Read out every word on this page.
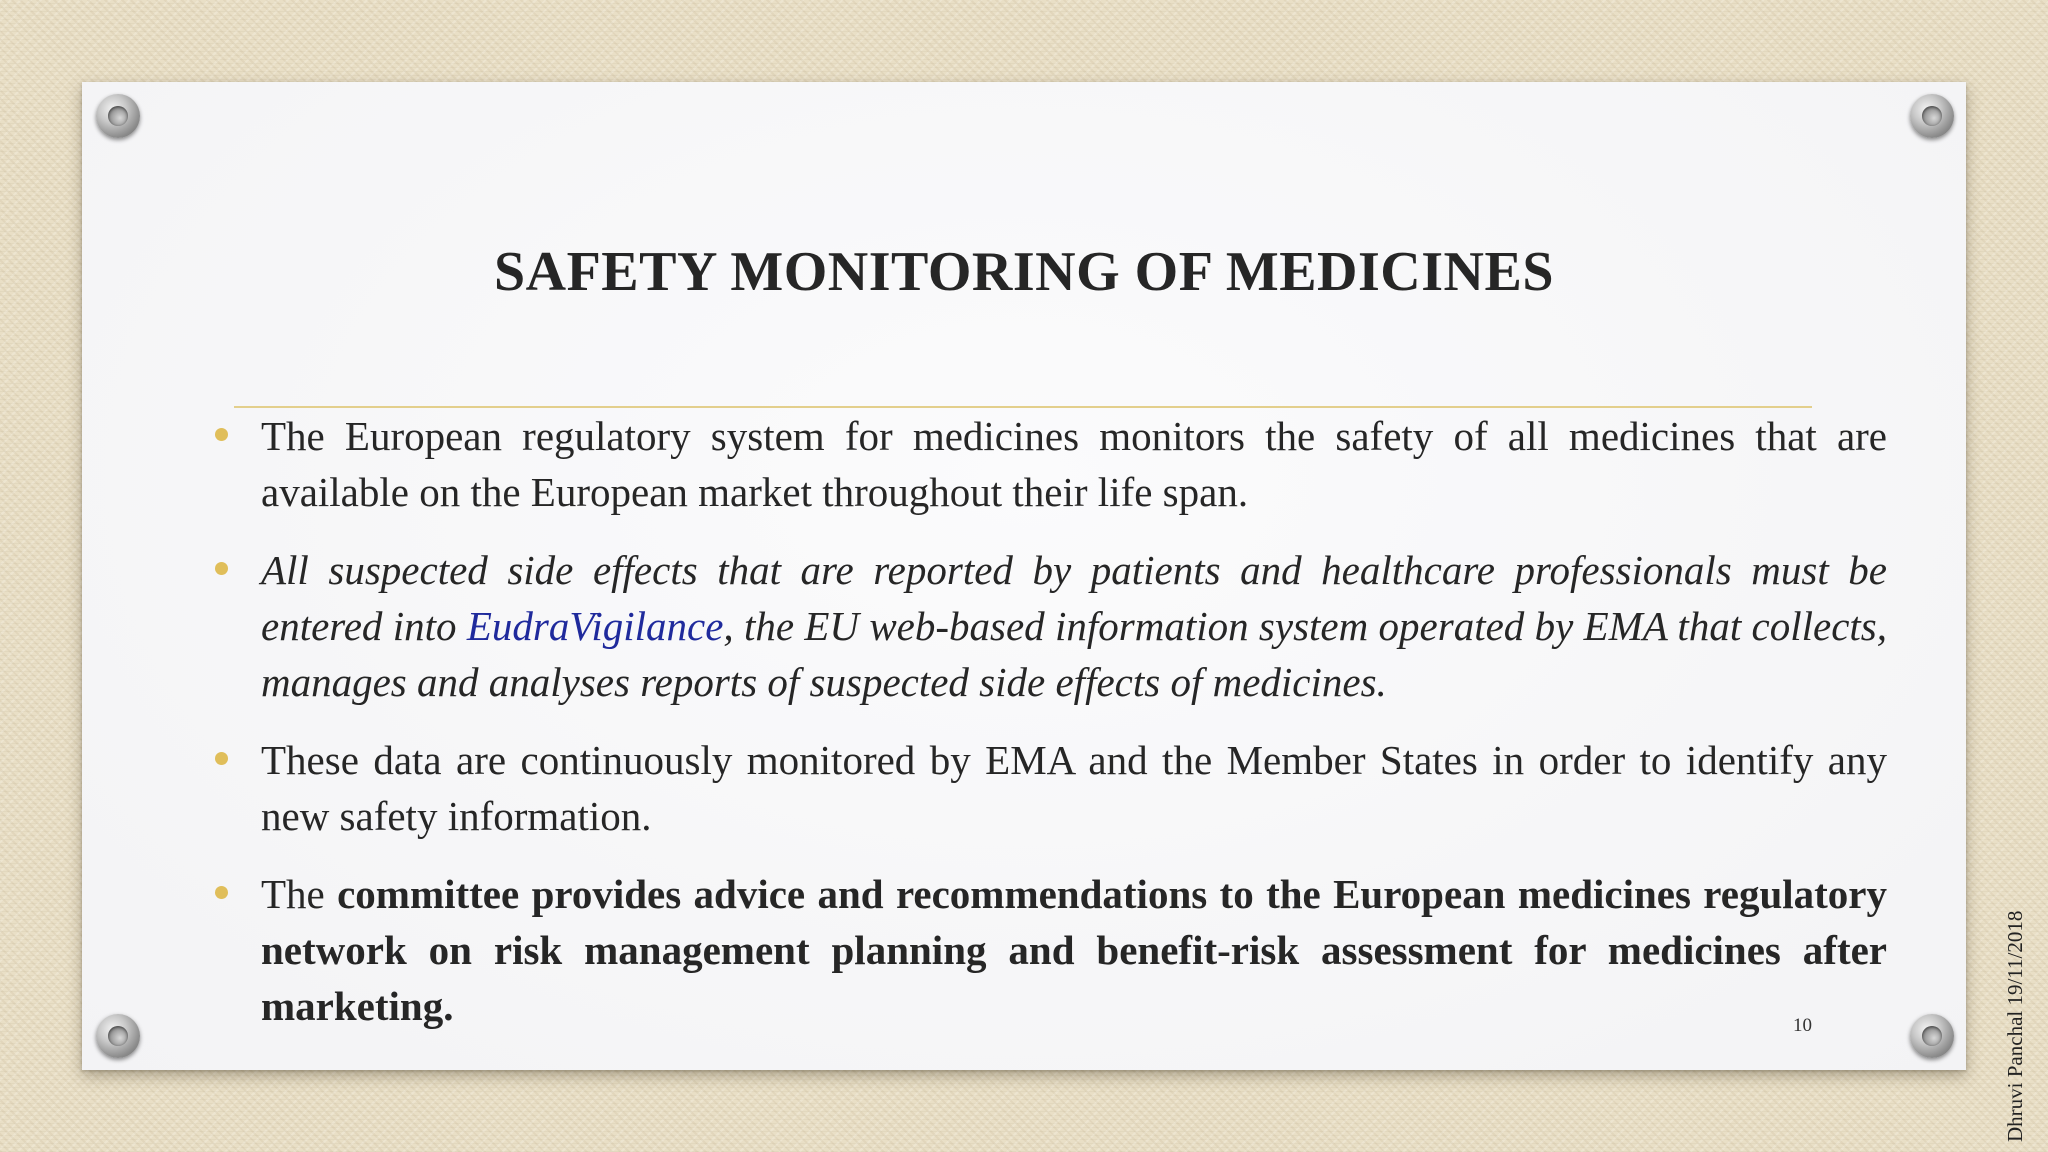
SAFETY MONITORING OF MEDICINES
The European regulatory system for medicines monitors the safety of all medicines that are available on the European market throughout their life span.
All suspected side effects that are reported by patients and healthcare professionals must be entered into EudraVigilance, the EU web-based information system operated by EMA that collects, manages and analyses reports of suspected side effects of medicines.
These data are continuously monitored by EMA and the Member States in order to identify any new safety information.
The committee provides advice and recommendations to the European medicines regulatory network on risk management planning and benefit-risk assessment for medicines after marketing.	10	Dhruvi Panchal 19/11/2018
